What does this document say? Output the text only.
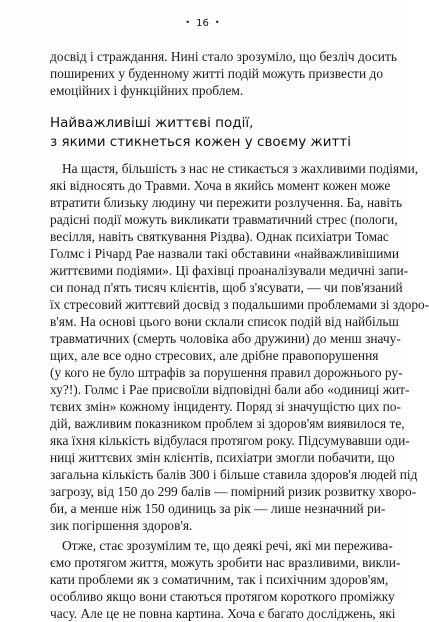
• 16 •
досвід і страждання. Нині стало зрозуміло, що безліч досить
поширених у буденному житті подій можуть призвести до
емоційних і функційних проблем.
Найважливіші життєві події,
з якими стикнеться кожен у своєму житті
На щастя, більшість з нас не стикається з жахливими подіями,
які відносять до Травми. Хоча в якийсь момент кожен може
втратити близьку людину чи пережити розлучення. Ба, навіть
радісні події можуть викликати травматичний стрес (пологи,
весілля, навіть святкування Різдва). Однак психіатри Томас
Голмс і Річард Рае назвали такі обставини «найважливішими
життєвими подіями». Ці фахівці проаналізували медичні запи-
си понад п'ять тисяч клієнтів, щоб з'ясувати, — чи пов'язаний
їх стресовий життєвий досвід з подальшими проблемами зі здоро-
в'ям. На основі цього вони склали список подій від найбільш
травматичних (смерть чоловіка або дружини) до менш значу-
щих, але все одно стресових, але дрібне правопорушення
(у кого не було штрафів за порушення правил дорожнього ру-
ху?!). Голмс і Рае присвоїли відповідні бали або «одиниці жит-
тєвих змін» кожному інциденту. Поряд зі значущістю цих по-
дій, важливим показником проблем зі здоров'ям виявилося те,
яка їхня кількість відбулася протягом року. Підсумувавши оди-
ниці життєвих змін клієнтів, психіатри змогли побачити, що
загальна кількість балів 300 і більше ставила здоров'я людей під
загрозу, від 150 до 299 балів — помірний ризик розвитку хворо-
би, а менше ніж 150 одиниць за рік — лише незначний ри-
зик погіршення здоров'я.
Отже, стає зрозумілим те, що деякі речі, які ми пережива-
ємо протягом життя, можуть зробити нас вразливими, викли-
кати проблеми як з соматичним, так і психічним здоров'ям,
особливо якщо вони стаються протягом короткого проміжку
часу. Але це не повна картина. Хоча є багато досліджень, які
